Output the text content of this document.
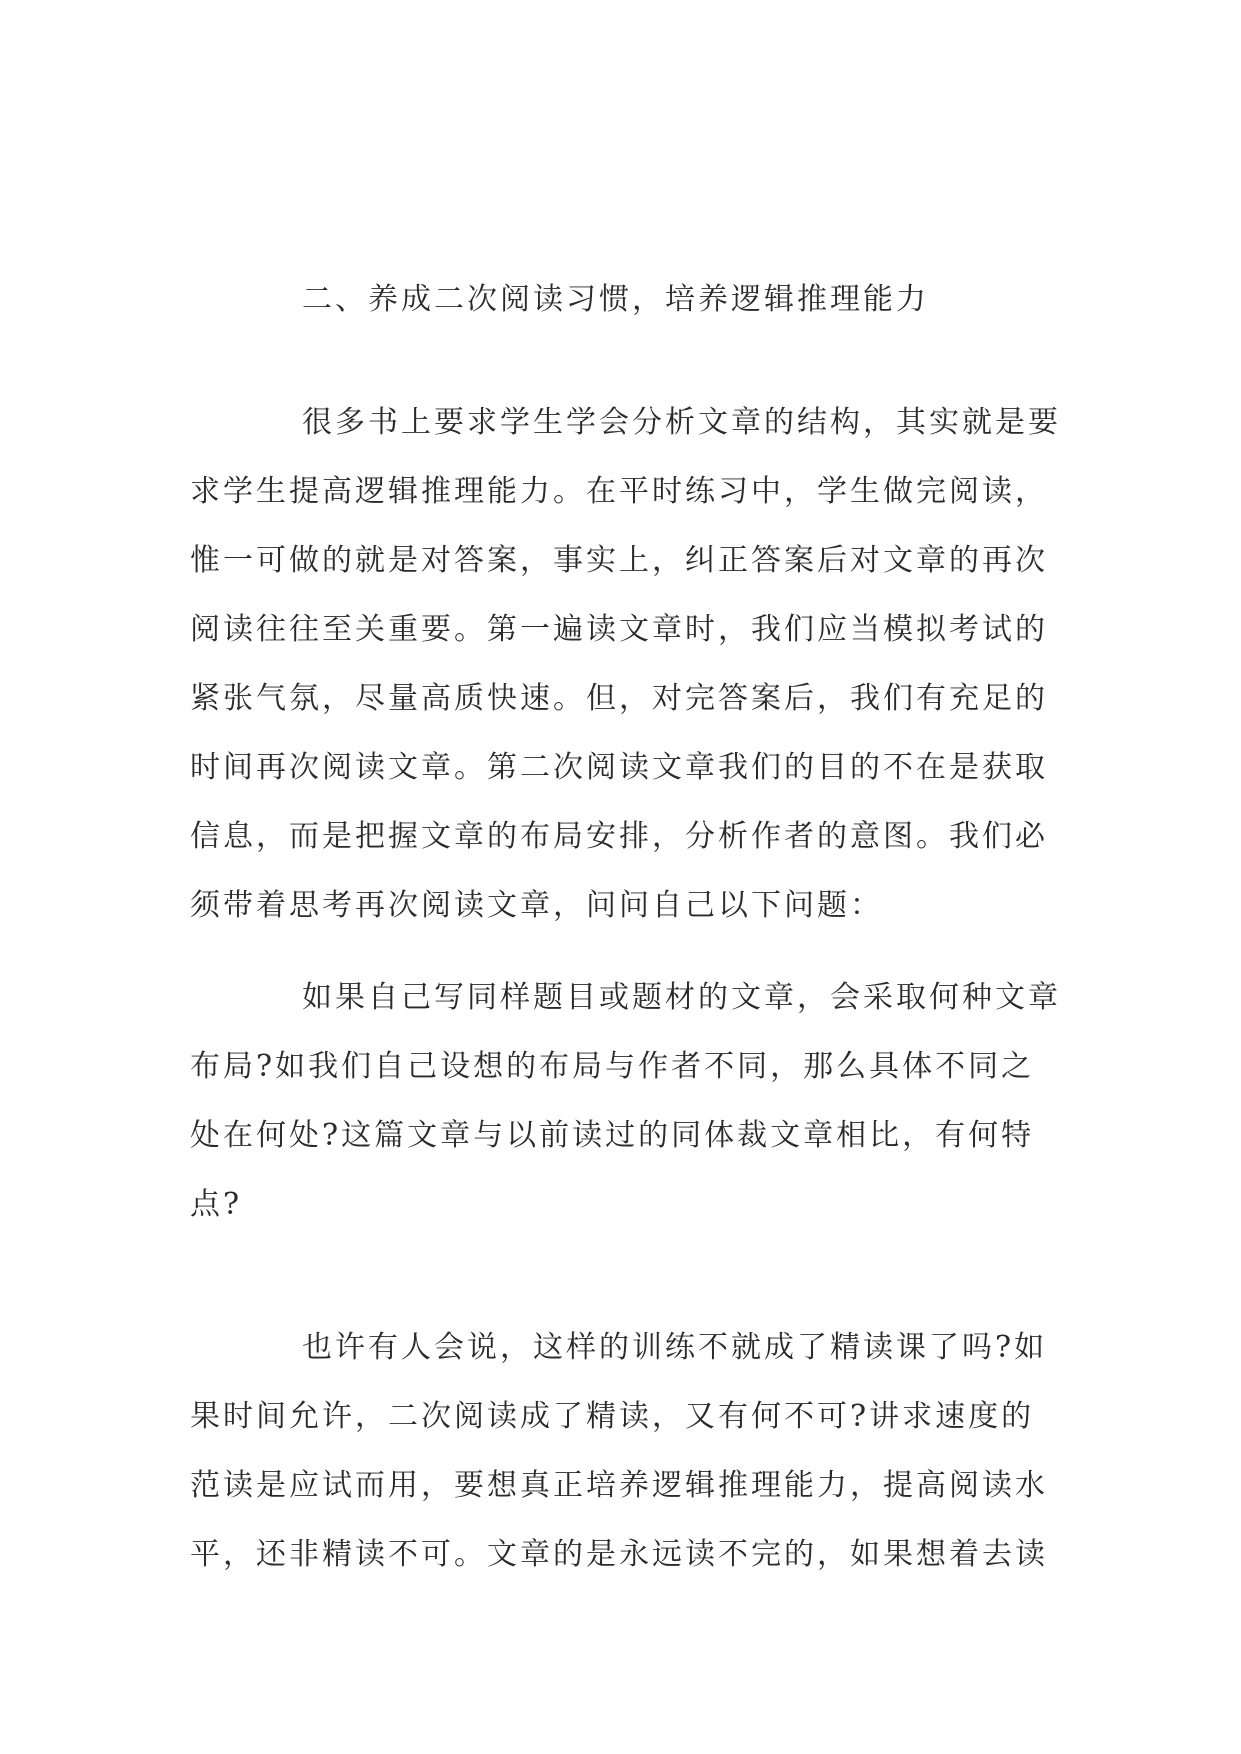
二、养成二次阅读习惯，培养逻辑推理能力

很多书上要求学生学会分析文章的结构，其实就是要
求学生提高逻辑推理能力。在平时练习中，学生做完阅读，
惟一可做的就是对答案，事实上，纠正答案后对文章的再次
阅读往往至关重要。第一遍读文章时，我们应当模拟考试的
紧张气氛，尽量高质快速。但，对完答案后，我们有充足的
时间再次阅读文章。第二次阅读文章我们的目的不在是获取
信息，而是把握文章的布局安排，分析作者的意图。我们必
须带着思考再次阅读文章，问问自己以下问题：

如果自己写同样题目或题材的文章，会采取何种文章
布局?如我们自己设想的布局与作者不同，那么具体不同之
处在何处?这篇文章与以前读过的同体裁文章相比，有何特
点?

也许有人会说，这样的训练不就成了精读课了吗?如
果时间允许，二次阅读成了精读，又有何不可?讲求速度的
范读是应试而用，要想真正培养逻辑推理能力，提高阅读水
平，还非精读不可。文章的是永远读不完的，如果想着去读
